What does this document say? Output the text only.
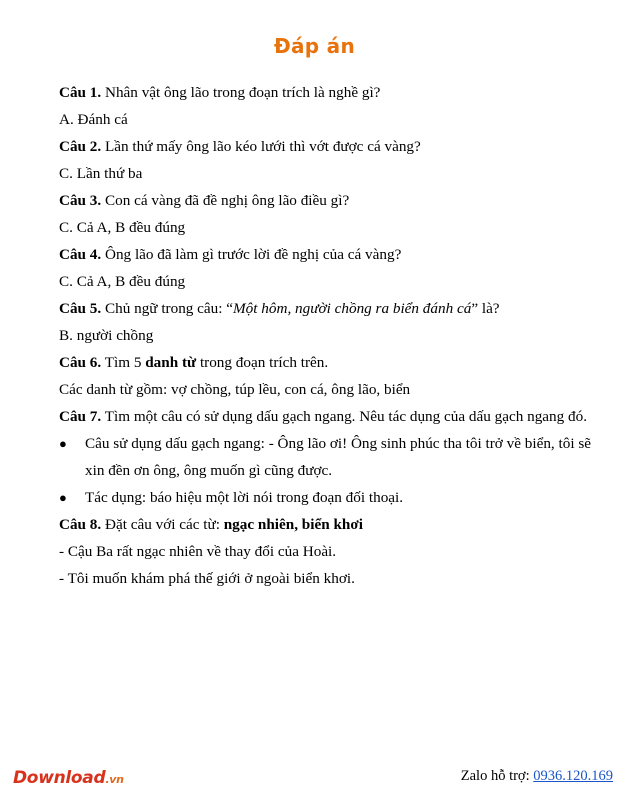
Đáp án

Câu 1. Nhân vật ông lão trong đoạn trích là nghề gì?

A. Đánh cá

Câu 2. Lần thứ mấy ông lão kéo lưới thì vớt được cá vàng?

C. Lần thứ ba

Câu 3. Con cá vàng đã đề nghị ông lão điều gì?

C. Cả A, B đều đúng

Câu 4. Ông lão đã làm gì trước lời đề nghị của cá vàng?

C. Cả A, B đều đúng

Câu 5. Chủ ngữ trong câu: “Một hôm, người chồng ra biển đánh cá” là?

B. người chồng

Câu 6. Tìm 5 danh từ trong đoạn trích trên.

Các danh từ gồm: vợ chồng, túp lều, con cá, ông lão, biển

Câu 7. Tìm một câu có sử dụng dấu gạch ngang. Nêu tác dụng của dấu gạch ngang đó.

●	Câu sử dụng dấu gạch ngang: - Ông lão ơi! Ông sinh phúc tha tôi trở về biển, tôi sẽ xin đền ơn ông, ông muốn gì cũng được.
●	Tác dụng: báo hiệu một lời nói trong đoạn đối thoại.

Câu 8. Đặt câu với các từ: ngạc nhiên, biển khơi

- Cậu Ba rất ngạc nhiên về thay đổi của Hoài.

- Tôi muốn khám phá thế giới ở ngoài biển khơi.

Download.vn	Zalo hỗ trợ: 0936.120.169
